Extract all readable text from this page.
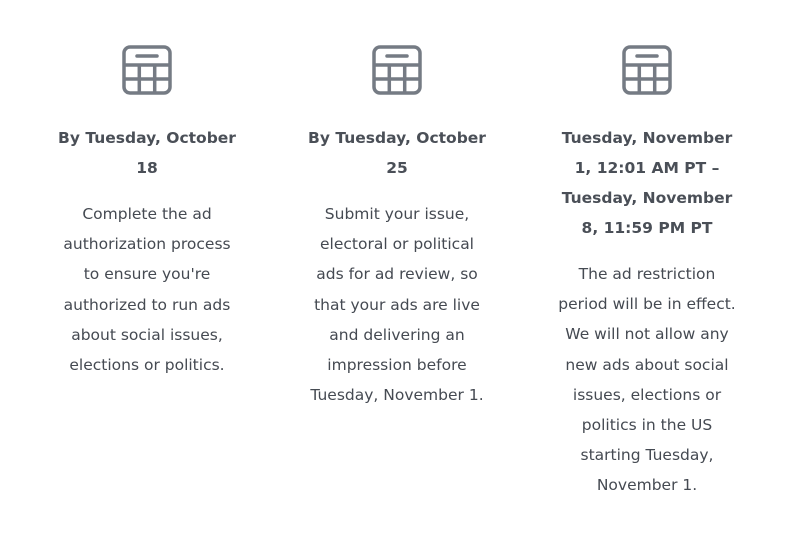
By Tuesday, October 18
Complete the ad authorization process to ensure you're authorized to run ads about social issues, elections or politics.
By Tuesday, October 25
Submit your issue, electoral or political ads for ad review, so that your ads are live and delivering an impression before Tuesday, November 1.
Tuesday, November 1, 12:01 AM PT – Tuesday, November 8, 11:59 PM PT
The ad restriction period will be in effect. We will not allow any new ads about social issues, elections or politics in the US starting Tuesday, November 1.
